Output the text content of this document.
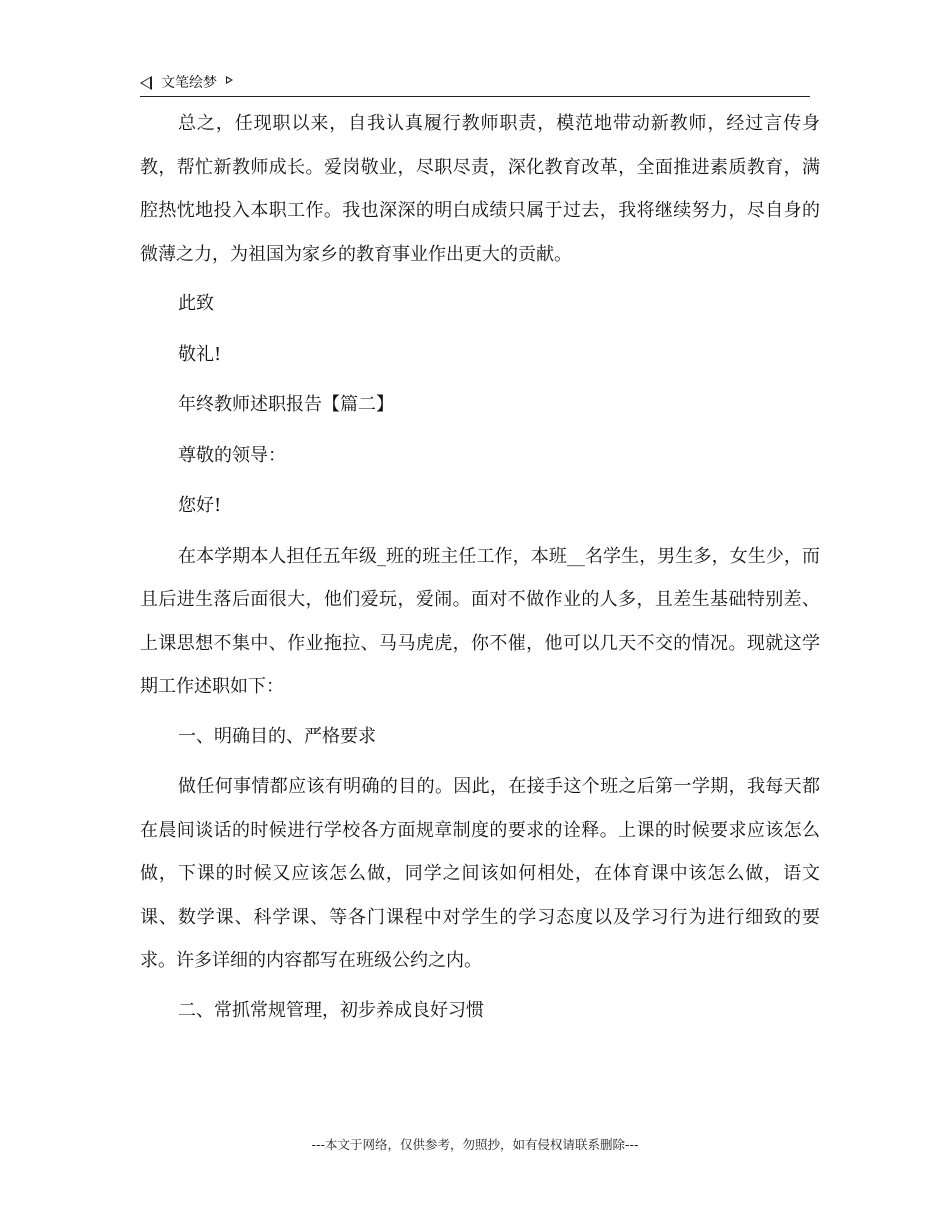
文笔绘梦

总之，任现职以来，自我认真履行教师职责，模范地带动新教师，经过言传身教，帮忙新教师成长。爱岗敬业，尽职尽责，深化教育改革，全面推进素质教育，满腔热忱地投入本职工作。我也深深的明白成绩只属于过去，我将继续努力，尽自身的微薄之力，为祖国为家乡的教育事业作出更大的贡献。

此致

敬礼!

年终教师述职报告【篇二】

尊敬的领导：

您好!

在本学期本人担任五年级_班的班主任工作，本班__名学生，男生多，女生少，而且后进生落后面很大，他们爱玩，爱闹。面对不做作业的人多，且差生基础特别差、上课思想不集中、作业拖拉、马马虎虎，你不催，他可以几天不交的情况。现就这学期工作述职如下：

一、明确目的、严格要求

做任何事情都应该有明确的目的。因此，在接手这个班之后第一学期，我每天都在晨间谈话的时候进行学校各方面规章制度的要求的诠释。上课的时候要求应该怎么做，下课的时候又应该怎么做，同学之间该如何相处，在体育课中该怎么做，语文课、数学课、科学课、等各门课程中对学生的学习态度以及学习行为进行细致的要求。许多详细的内容都写在班级公约之内。

二、常抓常规管理，初步养成良好习惯

---本文于网络，仅供参考，勿照抄，如有侵权请联系删除---
